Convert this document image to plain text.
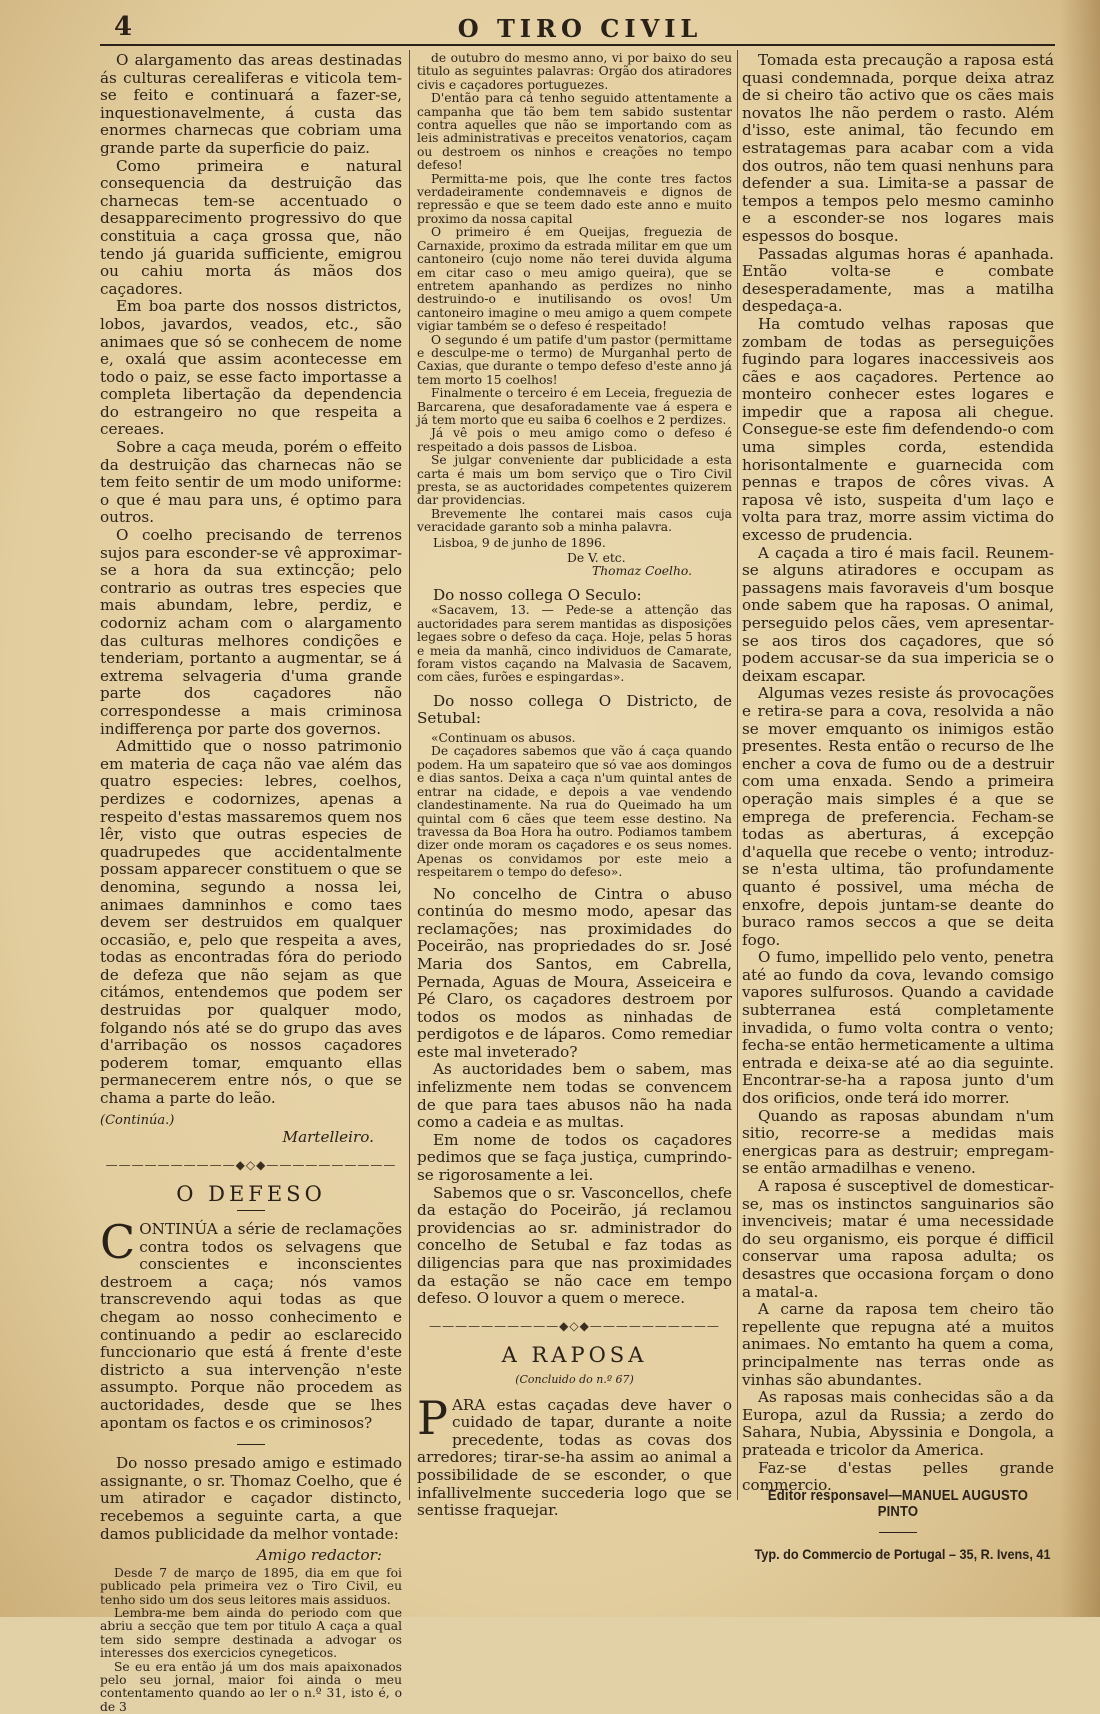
4	O TIRO CIVIL

O alargamento das areas destinadas ás culturas cerealiferas e viticola tem-se feito e continuará a fazer-se, inquestionavelmente, á custa das enormes charnecas que cobriam uma grande parte da superficie do paiz.

Como primeira e natural consequencia da destruição das charnecas tem-se accentuado o desapparecimento progressivo do que constituia a caça grossa que, não tendo já guarida sufficiente, emigrou ou cahiu morta ás mãos dos caçadores.

Em boa parte dos nossos districtos, lobos, javardos, veados, etc., são animaes que só se conhecem de nome e, oxalá que assim acontecesse em todo o paiz, se esse facto importasse a completa libertação da dependencia do estrangeiro no que respeita a cereaes.

Sobre a caça meuda, porém o effeito da destruição das charnecas não se tem feito sentir de um modo uniforme: o que é mau para uns, é optimo para outros.

O coelho precisando de terrenos sujos para esconder-se vê approximar-se a hora da sua extincção; pelo contrario as outras tres especies que mais abundam, lebre, perdiz, e codorniz acham com o alargamento das culturas melhores condições e tenderiam, portanto a augmentar, se á extrema selvageria d'uma grande parte dos caçadores não correspondesse a mais criminosa indifferença por parte dos governos.

Admittido que o nosso patrimonio em materia de caça não vae além das quatro especies: lebres, coelhos, perdizes e codornizes, apenas a respeito d'estas massaremos quem nos lêr, visto que outras especies de quadrupedes que accidentalmente possam apparecer constituem o que se denomina, segundo a nossa lei, animaes damninhos e como taes devem ser destruidos em qualquer occasião, e, pelo que respeita a aves, todas as encontradas fóra do periodo de defeza que não sejam as que citámos, entendemos que podem ser destruidas por qualquer modo, folgando nós até se do grupo das aves d'arribação os nossos caçadores poderem tomar, emquanto ellas permanecerem entre nós, o que se chama a parte do leão.

(Continúa.)
Martelleiro.
——————————◆◇◆——————————
O DEFESO

CONTINÚA a série de reclamações contra todos os selvagens que conscientes e inconscientes destroem a caça; nós vamos transcrevendo aqui todas as que chegam ao nosso conhecimento e continuando a pedir ao esclarecido funccionario que está á frente d'este districto a sua intervenção n'este assumpto. Porque não procedem as auctoridades, desde que se lhes apontam os factos e os criminosos?

Do nosso presado amigo e estimado assignante, o sr. Thomaz Coelho, que é um atirador e caçador distincto, recebemos a seguinte carta, a que damos publicidade da melhor vontade:

Amigo redactor:

Desde 7 de março de 1895, dia em que foi publicado pela primeira vez o Tiro Civil, eu tenho sido um dos seus leitores mais assiduos.

Lembra-me bem ainda do periodo com que abriu a secção que tem por titulo A caça a qual tem sido sempre destinada a advogar os interesses dos exercicios cynegeticos.

Se eu era então já um dos mais apaixonados pelo seu jornal, maior foi ainda o meu contentamento quando ao ler o n.º 31, isto é, o de 3

de outubro do mesmo anno, vi por baixo do seu titulo as seguintes palavras: Orgão dos atiradores civis e caçadores portuguezes.

D'então para cá tenho seguido attentamente a campanha que tão bem tem sabido sustentar contra aquelles que não se importando com as leis administrativas e preceitos venatorios, caçam ou destroem os ninhos e creações no tempo defeso!

Permitta-me pois, que lhe conte tres factos verdadeiramente condemnaveis e dignos de repressão e que se teem dado este anno e muito proximo da nossa capital

O primeiro é em Queijas, freguezia de Carnaxide, proximo da estrada militar em que um cantoneiro (cujo nome não terei duvida alguma em citar caso o meu amigo queira), que se entretem apanhando as perdizes no ninho destruindo-o e inutilisando os ovos! Um cantoneiro imagine o meu amigo a quem compete vigiar também se o defeso é respeitado!

O segundo é um patife d'um pastor (permittame e desculpe-me o termo) de Murganhal perto de Caxias, que durante o tempo defeso d'este anno já tem morto 15 coelhos!

Finalmente o terceiro é em Leceia, freguezia de Barcarena, que desaforadamente vae á espera e já tem morto que eu saiba 6 coelhos e 2 perdizes.

Já vê pois o meu amigo como o defeso é respeitado a dois passos de Lisboa.

Se julgar conveniente dar publicidade a esta carta é mais um bom serviço que o Tiro Civil presta, se as auctoridades competentes quizerem dar providencias.

Brevemente lhe contarei mais casos cuja veracidade garanto sob a minha palavra.

Lisboa, 9 de junho de 1896.
De V. etc.
Thomaz Coelho.

Do nosso collega O Seculo:

«Sacavem, 13. — Pede-se a attenção das auctoridades para serem mantidas as disposições legaes sobre o defeso da caça. Hoje, pelas 5 horas e meia da manhã, cinco individuos de Camarate, foram vistos caçando na Malvasia de Sacavem, com cães, furões e espingardas».

Do nosso collega O Districto, de Setubal:

«Continuam os abusos.

De caçadores sabemos que vão á caça quando podem. Ha um sapateiro que só vae aos domingos e dias santos. Deixa a caça n'um quintal antes de entrar na cidade, e depois a vae vendendo clandestinamente. Na rua do Queimado ha um quintal com 6 cães que teem esse destino. Na travessa da Boa Hora ha outro. Podiamos tambem dizer onde moram os caçadores e os seus nomes. Apenas os convidamos por este meio a respeitarem o tempo do defeso».

No concelho de Cintra o abuso continúa do mesmo modo, apesar das reclamações; nas proximidades do Poceirão, nas propriedades do sr. José Maria dos Santos, em Cabrella, Pernada, Aguas de Moura, Asseiceira e Pé Claro, os caçadores destroem por todos os modos as ninhadas de perdigotos e de láparos. Como remediar este mal inveterado?

As auctoridades bem o sabem, mas infelizmente nem todas se convencem de que para taes abusos não ha nada como a cadeia e as multas.

Em nome de todos os caçadores pedimos que se faça justiça, cumprindo-se rigorosamente a lei.

Sabemos que o sr. Vasconcellos, chefe da estação do Poceirão, já reclamou providencias ao sr. administrador do concelho de Setubal e faz todas as diligencias para que nas proximidades da estação se não cace em tempo defeso. O louvor a quem o merece.

——————————◆◇◆——————————
A RAPOSA
(Concluido do n.º 67)

PARA estas caçadas deve haver o cuidado de tapar, durante a noite precedente, todas as covas dos arredores; tirar-se-ha assim ao animal a possibilidade de se esconder, o que infallivelmente succederia logo que se sentisse fraquejar.

Tomada esta precaução a raposa está quasi condemnada, porque deixa atraz de si cheiro tão activo que os cães mais novatos lhe não perdem o rasto. Além d'isso, este animal, tão fecundo em estratagemas para acabar com a vida dos outros, não tem quasi nenhuns para defender a sua. Limita-se a passar de tempos a tempos pelo mesmo caminho e a esconder-se nos logares mais espessos do bosque.

Passadas algumas horas é apanhada. Então volta-se e combate desesperadamente, mas a matilha despedaça-a.

Ha comtudo velhas raposas que zombam de todas as perseguições fugindo para logares inaccessiveis aos cães e aos caçadores. Pertence ao monteiro conhecer estes logares e impedir que a raposa ali chegue. Consegue-se este fim defendendo-o com uma simples corda, estendida horisontalmente e guarnecida com pennas e trapos de côres vivas. A raposa vê isto, suspeita d'um laço e volta para traz, morre assim victima do excesso de prudencia.

A caçada a tiro é mais facil. Reunem-se alguns atiradores e occupam as passagens mais favoraveis d'um bosque onde sabem que ha raposas. O animal, perseguido pelos cães, vem apresentar-se aos tiros dos caçadores, que só podem accusar-se da sua impericia se o deixam escapar.

Algumas vezes resiste ás provocações e retira-se para a cova, resolvida a não se mover emquanto os inimigos estão presentes. Resta então o recurso de lhe encher a cova de fumo ou de a destruir com uma enxada. Sendo a primeira operação mais simples é a que se emprega de preferencia. Fecham-se todas as aberturas, á excepção d'aquella que recebe o vento; introduz-se n'esta ultima, tão profundamente quanto é possivel, uma mécha de enxofre, depois juntam-se deante do buraco ramos seccos a que se deita fogo.

O fumo, impellido pelo vento, penetra até ao fundo da cova, levando comsigo vapores sulfurosos. Quando a cavidade subterranea está completamente invadida, o fumo volta contra o vento; fecha-se então hermeticamente a ultima entrada e deixa-se até ao dia seguinte. Encontrar-se-ha a raposa junto d'um dos orificios, onde terá ido morrer.

Quando as raposas abundam n'um sitio, recorre-se a medidas mais energicas para as destruir; empregam-se então armadilhas e veneno.

A raposa é susceptivel de domesticar-se, mas os instinctos sanguinarios são invenciveis; matar é uma necessidade do seu organismo, eis porque é difficil conservar uma raposa adulta; os desastres que occasiona forçam o dono a matal-a.

A carne da raposa tem cheiro tão repellente que repugna até a muitos animaes. No emtanto ha quem a coma, principalmente nas terras onde as vinhas são abundantes.

As raposas mais conhecidas são a da Europa, azul da Russia; a zerdo do Sahara, Nubia, Abyssinia e Dongola, a prateada e tricolor da America.

Faz-se d'estas pelles grande commercio.

Editor responsavel—MANUEL AUGUSTO PINTO
Typ. do Commercio de Portugal – 35, R. Ivens, 41
